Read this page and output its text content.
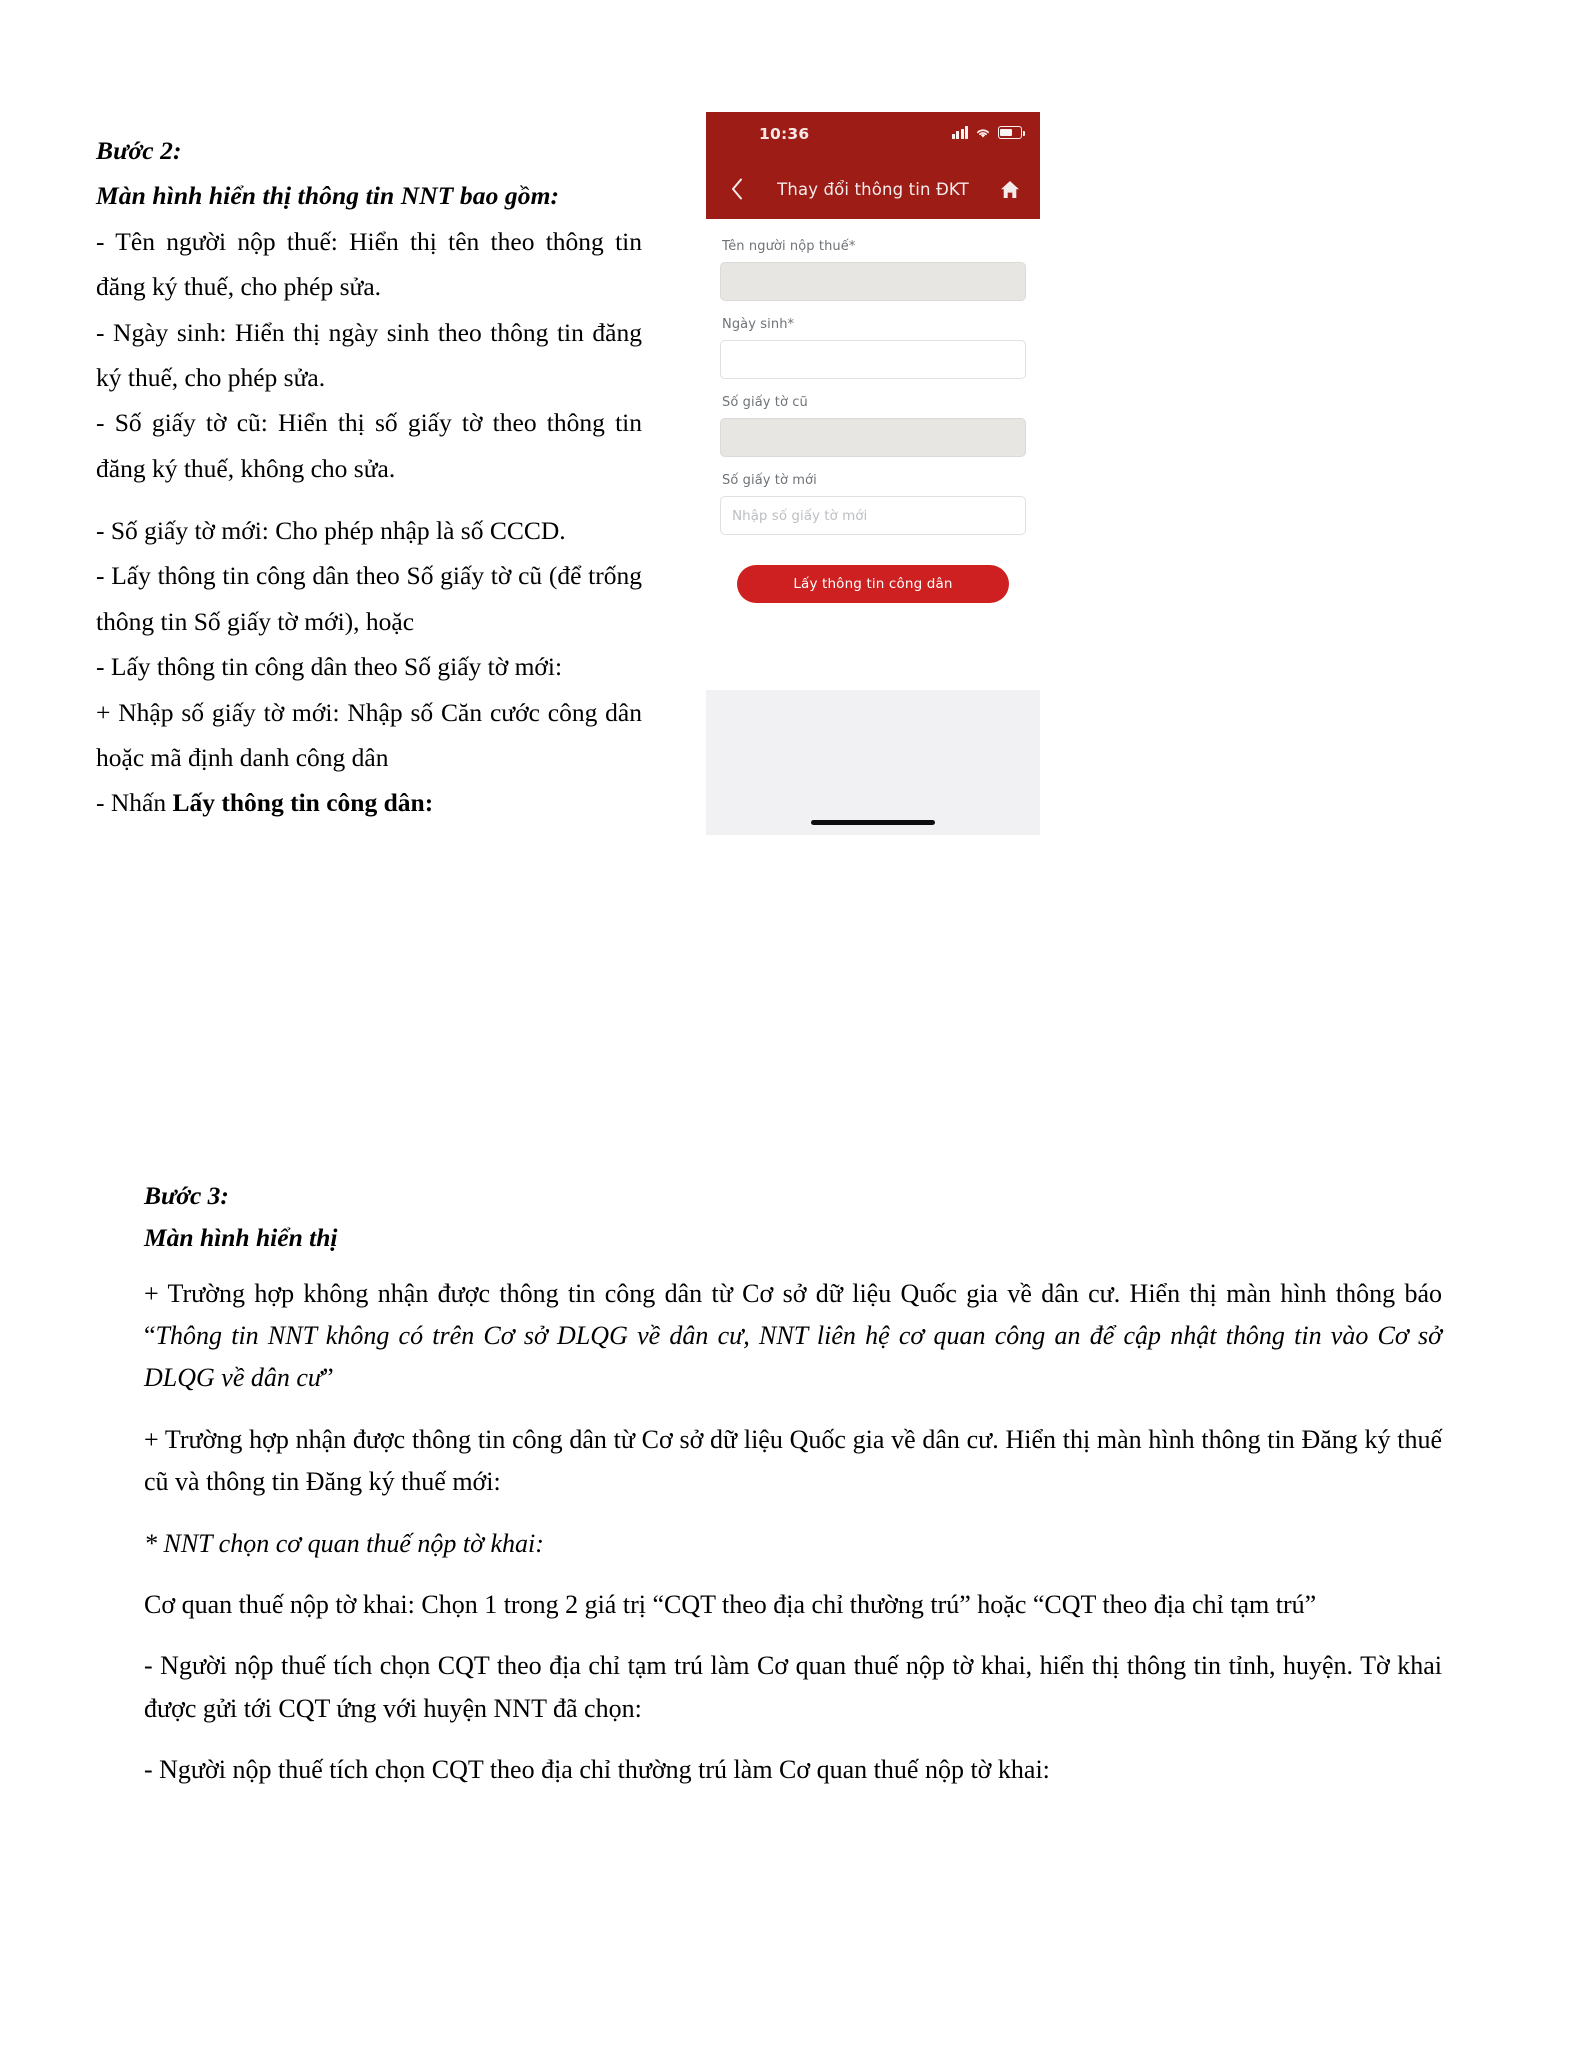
Bước 2:

Màn hình hiển thị thông tin NNT bao gồm:

- Tên người nộp thuế: Hiển thị tên theo thông tin đăng ký thuế, cho phép sửa.

- Ngày sinh: Hiển thị ngày sinh theo thông tin đăng ký thuế, cho phép sửa.

- Số giấy tờ cũ: Hiển thị số giấy tờ theo thông tin đăng ký thuế, không cho sửa.

- Số giấy tờ mới: Cho phép nhập là số CCCD.

- Lấy thông tin công dân theo Số giấy tờ cũ (để trống thông tin Số giấy tờ mới), hoặc

- Lấy thông tin công dân theo Số giấy tờ mới:

+ Nhập số giấy tờ mới: Nhập số Căn cước công dân hoặc mã định danh công dân

- Nhấn Lấy thông tin công dân:

10:36
Thay đổi thông tin ĐKT

Tên người nộp thuế*

Ngày sinh*

Số giấy tờ cũ

Số giấy tờ mới

Nhập số giấy tờ mới
Lấy thông tin công dân

Bước 3:

Màn hình hiển thị

+ Trường hợp không nhận được thông tin công dân từ Cơ sở dữ liệu Quốc gia về dân cư. Hiển thị màn hình thông báo “Thông tin NNT không có trên Cơ sở DLQG về dân cư, NNT liên hệ cơ quan công an để cập nhật thông tin vào Cơ sở DLQG về dân cư”

+ Trường hợp nhận được thông tin công dân từ Cơ sở dữ liệu Quốc gia về dân cư. Hiển thị màn hình thông tin Đăng ký thuế cũ và thông tin Đăng ký thuế mới:

* NNT chọn cơ quan thuế nộp tờ khai:

Cơ quan thuế nộp tờ khai: Chọn 1 trong 2 giá trị “CQT theo địa chỉ thường trú” hoặc “CQT theo địa chỉ tạm trú”

- Người nộp thuế tích chọn CQT theo địa chỉ tạm trú làm Cơ quan thuế nộp tờ khai, hiển thị thông tin tỉnh, huyện. Tờ khai được gửi tới CQT ứng với huyện NNT đã chọn:

- Người nộp thuế tích chọn CQT theo địa chỉ thường trú làm Cơ quan thuế nộp tờ khai:
